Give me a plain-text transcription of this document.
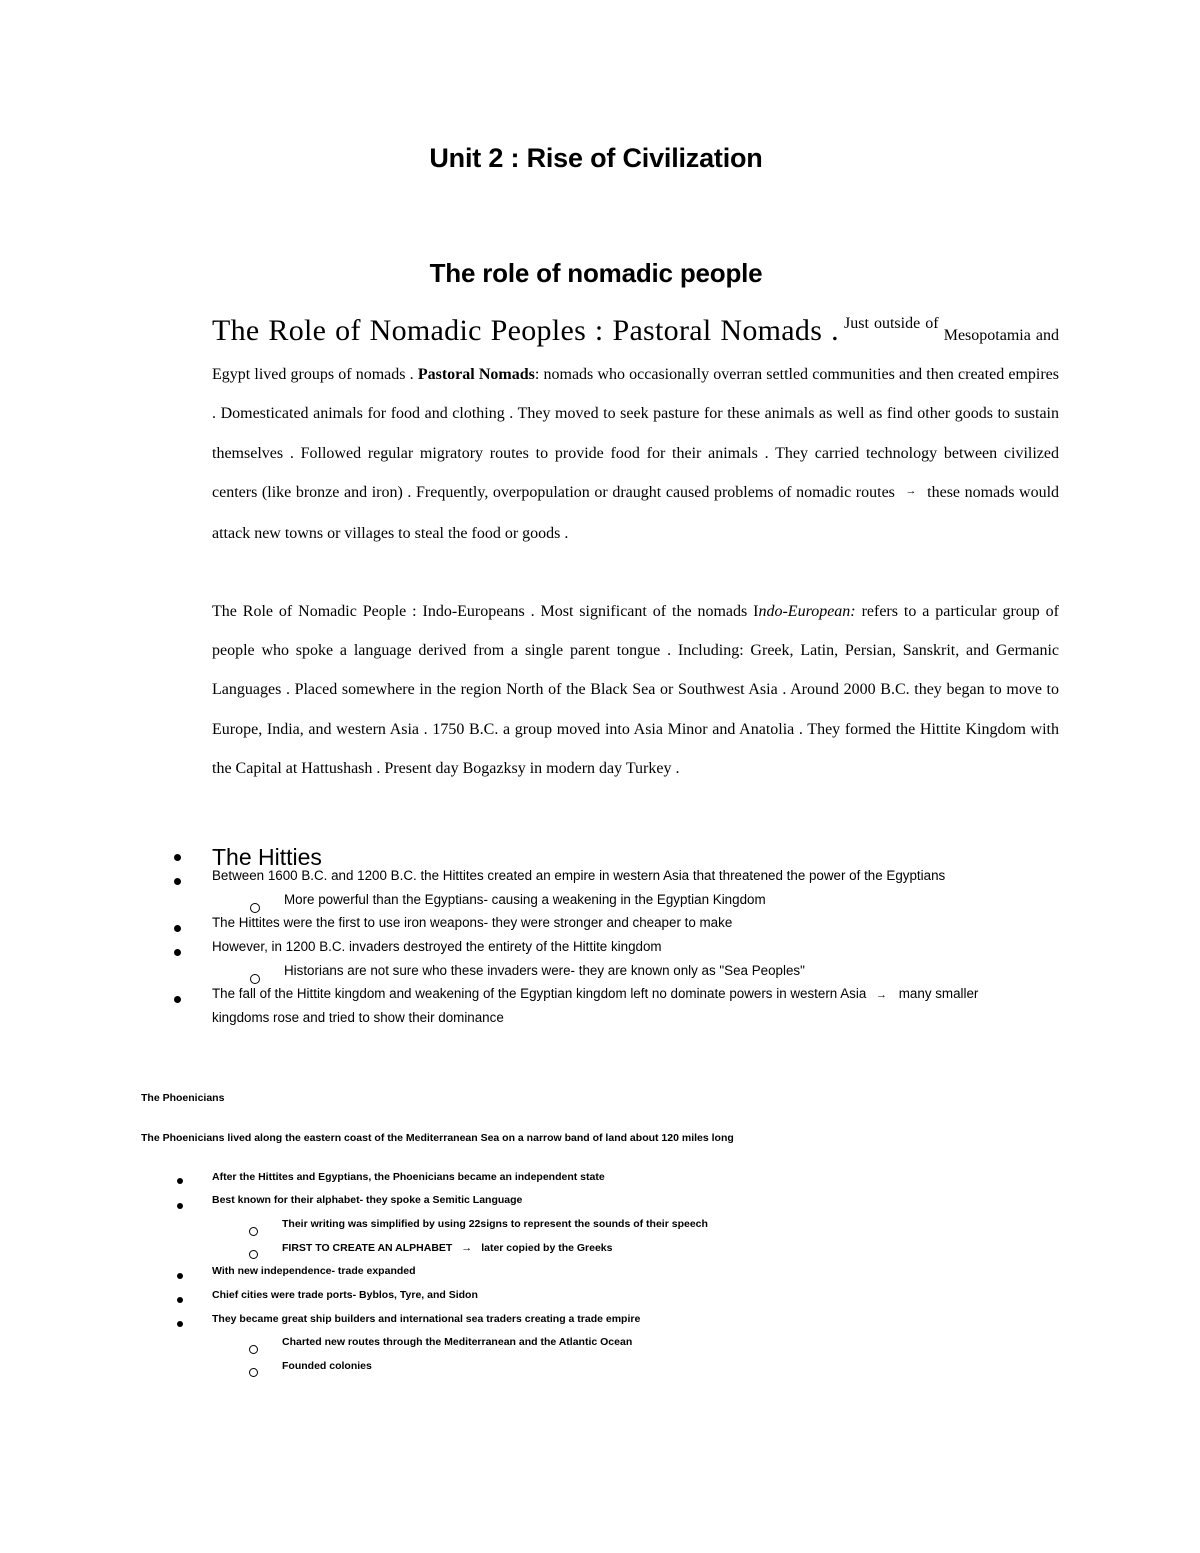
Unit 2 : Rise of Civilization
The role of nomadic people
The Role of Nomadic Peoples : Pastoral Nomads . Just outside of Mesopotamia and Egypt lived groups of nomads . Pastoral Nomads: nomads who occasionally overran settled communities and then created empires . Domesticated animals for food and clothing . They moved to seek pasture for these animals as well as find other goods to sustain themselves . Followed regular migratory routes to provide food for their animals . They carried technology between civilized centers (like bronze and iron) . Frequently, overpopulation or draught caused problems of nomadic routes → these nomads would attack new towns or villages to steal the food or goods .
The Role of Nomadic People : Indo-Europeans . Most significant of the nomads Indo-European: refers to a particular group of people who spoke a language derived from a single parent tongue . Including: Greek, Latin, Persian, Sanskrit, and Germanic Languages . Placed somewhere in the region North of the Black Sea or Southwest Asia . Around 2000 B.C. they began to move to Europe, India, and western Asia . 1750 B.C. a group moved into Asia Minor and Anatolia . They formed the Hittite Kingdom with the Capital at Hattushash . Present day Bogazksy in modern day Turkey .
The Hitties
Between 1600 B.C. and 1200 B.C. the Hittites created an empire in western Asia that threatened the power of the Egyptians
More powerful than the Egyptians- causing a weakening in the Egyptian Kingdom
The Hittites were the first to use iron weapons- they were stronger and cheaper to make
However, in 1200 B.C. invaders destroyed the entirety of the Hittite kingdom
Historians are not sure who these invaders were- they are known only as "Sea Peoples"
The fall of the Hittite kingdom and weakening of the Egyptian kingdom left no dominate powers in western Asia → many smaller
kingdoms rose and tried to show their dominance
The Phoenicians
The Phoenicians lived along the eastern coast of the Mediterranean Sea on a narrow band of land about 120 miles long
After the Hittites and Egyptians, the Phoenicians became an independent state
Best known for their alphabet- they spoke a Semitic Language
Their writing was simplified by using 22signs to represent the sounds of their speech
FIRST TO CREATE AN ALPHABET → later copied by the Greeks
With new independence- trade expanded
Chief cities were trade ports- Byblos, Tyre, and Sidon
They became great ship builders and international sea traders creating a trade empire
Charted new routes through the Mediterranean and the Atlantic Ocean
Founded colonies
